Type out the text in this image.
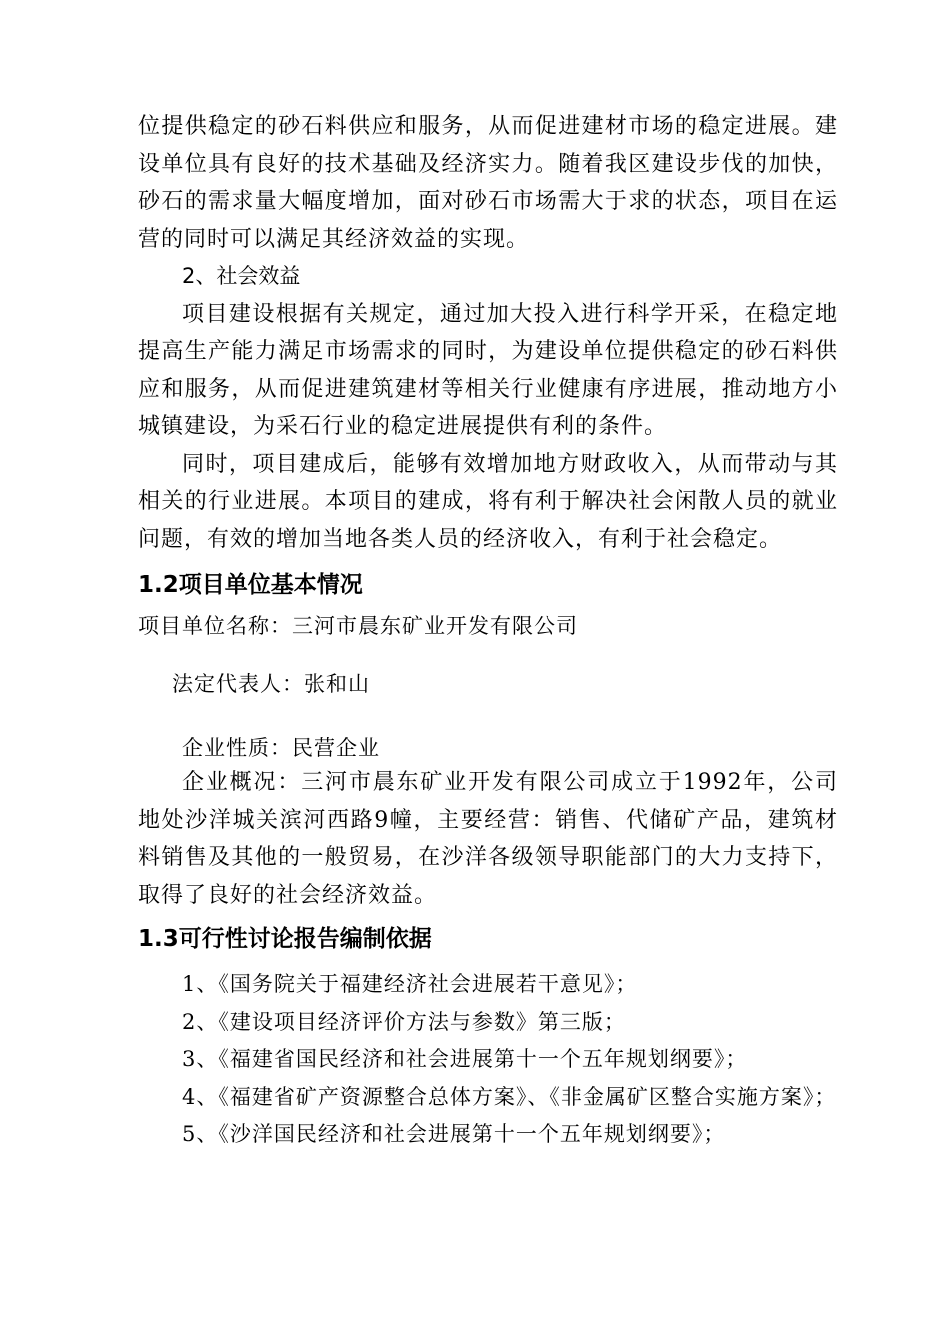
位提供稳定的砂石料供应和服务，从而促进建材市场的稳定进展。建设单位具有良好的技术基础及经济实力。随着我区建设步伐的加快，砂石的需求量大幅度增加，面对砂石市场需大于求的状态，项目在运营的同时可以满足其经济效益的实现。

2、社会效益

项目建设根据有关规定，通过加大投入进行科学开采，在稳定地提高生产能力满足市场需求的同时，为建设单位提供稳定的砂石料供应和服务，从而促进建筑建材等相关行业健康有序进展，推动地方小城镇建设，为采石行业的稳定进展提供有利的条件。

同时，项目建成后，能够有效增加地方财政收入，从而带动与其相关的行业进展。本项目的建成，将有利于解决社会闲散人员的就业问题，有效的增加当地各类人员的经济收入，有利于社会稳定。

1.2项目单位基本情况

项目单位名称：三河市晨东矿业开发有限公司

法定代表人：张和山

企业性质：民营企业

企业概况：三河市晨东矿业开发有限公司成立于1992年，公司地处沙洋城关滨河西路9幢，主要经营：销售、代储矿产品，建筑材料销售及其他的一般贸易，在沙洋各级领导职能部门的大力支持下，取得了良好的社会经济效益。

1.3可行性讨论报告编制依据

1、《国务院关于福建经济社会进展若干意见》；

2、《建设项目经济评价方法与参数》第三版；

3、《福建省国民经济和社会进展第十一个五年规划纲要》；

4、《福建省矿产资源整合总体方案》、《非金属矿区整合实施方案》；

5、《沙洋国民经济和社会进展第十一个五年规划纲要》；
